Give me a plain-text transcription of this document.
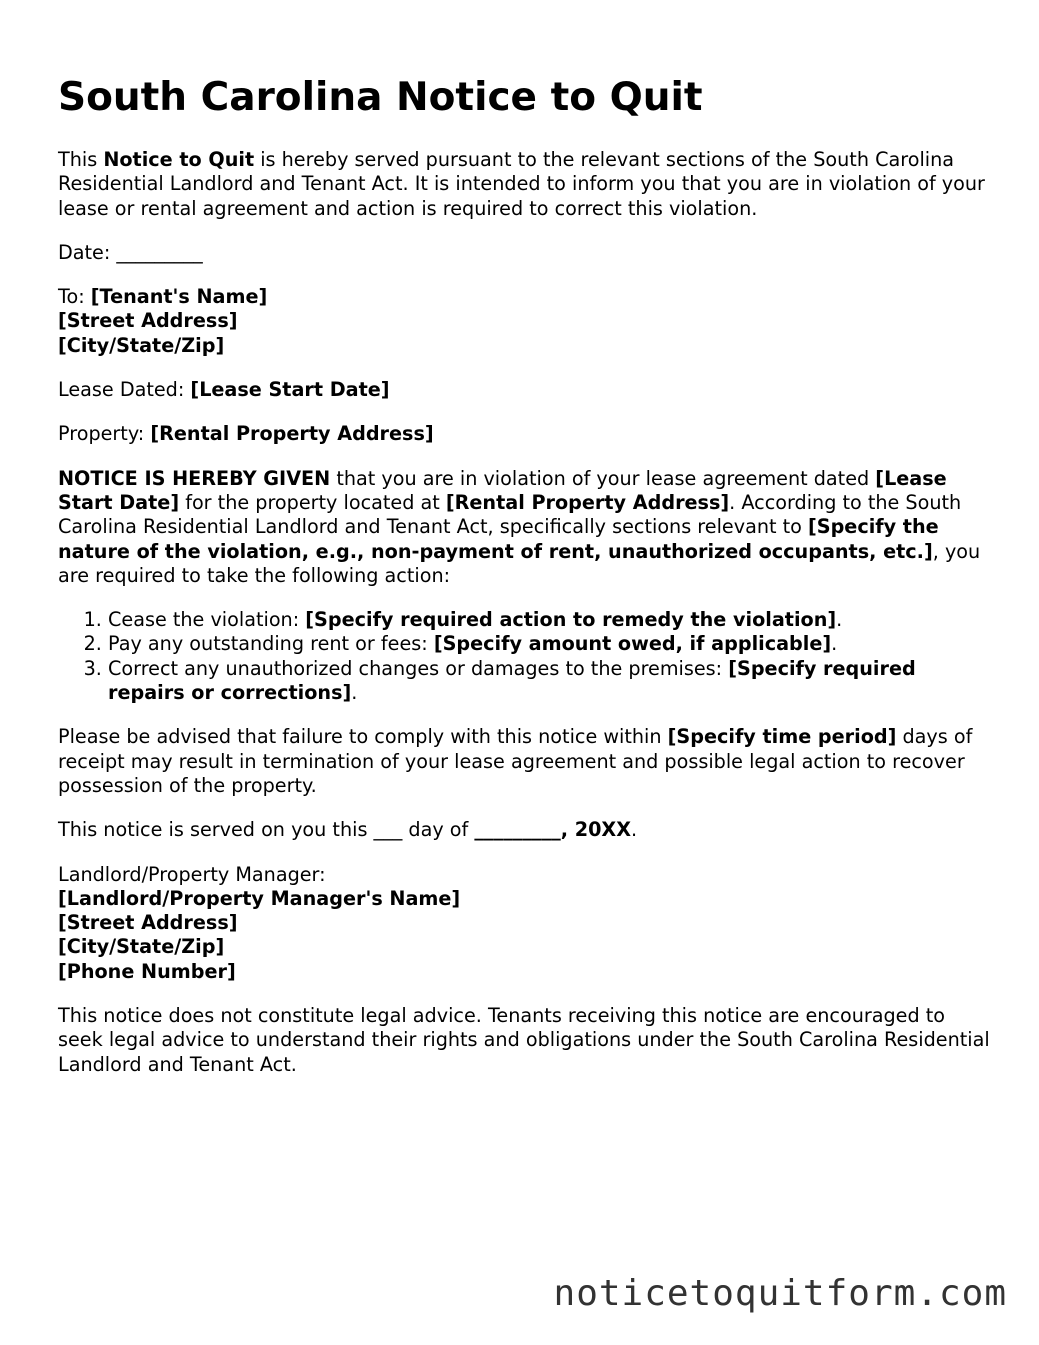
South Carolina Notice to Quit

This Notice to Quit is hereby served pursuant to the relevant sections of the South Carolina Residential Landlord and Tenant Act. It is intended to inform you that you are in violation of your lease or rental agreement and action is required to correct this violation.

Date: _________

To: [Tenant's Name]
[Street Address]
[City/State/Zip]

Lease Dated: [Lease Start Date]

Property: [Rental Property Address]

NOTICE IS HEREBY GIVEN that you are in violation of your lease agreement dated [Lease Start Date] for the property located at [Rental Property Address]. According to the South Carolina Residential Landlord and Tenant Act, specifically sections relevant to [Specify the nature of the violation, e.g., non-payment of rent, unauthorized occupants, etc.], you are required to take the following action:

1. Cease the violation: [Specify required action to remedy the violation].
2. Pay any outstanding rent or fees: [Specify amount owed, if applicable].
3. Correct any unauthorized changes or damages to the premises: [Specify required repairs or corrections].

Please be advised that failure to comply with this notice within [Specify time period] days of receipt may result in termination of your lease agreement and possible legal action to recover possession of the property.

This notice is served on you this ___ day of _________, 20XX.

Landlord/Property Manager:
[Landlord/Property Manager's Name]
[Street Address]
[City/State/Zip]
[Phone Number]

This notice does not constitute legal advice. Tenants receiving this notice are encouraged to seek legal advice to understand their rights and obligations under the South Carolina Residential Landlord and Tenant Act.

noticetoquitform.com
